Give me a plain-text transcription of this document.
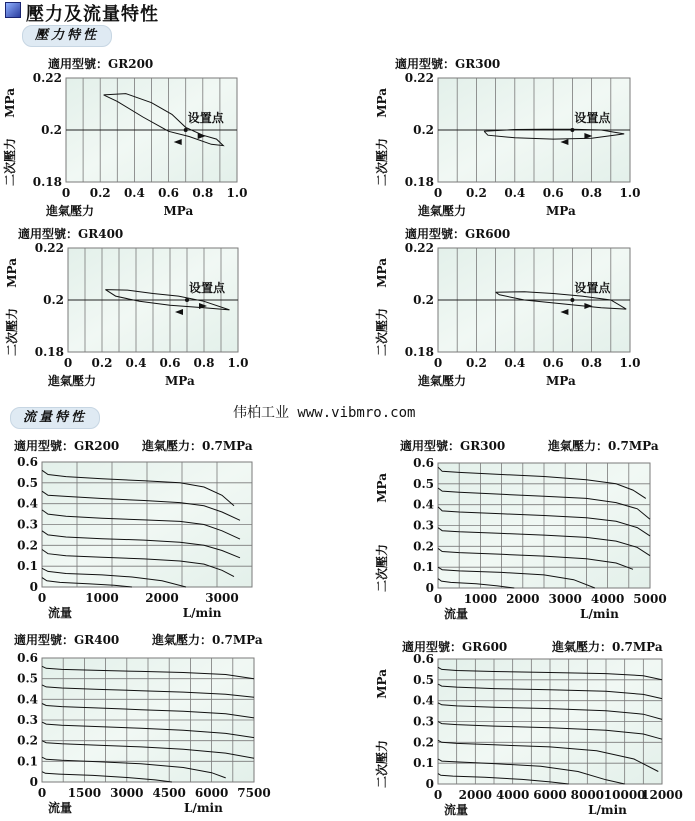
壓力及流量特性
壓力特性
流量特性	伟柏工业 www.vibmro.com
0.18
0.2
0.22
0 0.2 0.4 0.6 0.8 1.0
適用型號：GR200
MPa
二次壓力
進氣壓力	MPa
设置点
0.18
0.2
0.22
0 0.2 0.4 0.6 0.8 1.0
適用型號：GR300
MPa
二次壓力
進氣壓力	MPa
设置点
0.18
0.2
0.22
0 0.2 0.4 0.6 0.8 1.0
適用型號：GR400
MPa
二次壓力
進氣壓力	MPa
设置点
0.18
0.2
0.22
0 0.2 0.4 0.6 0.8 1.0
適用型號：GR600
MPa
二次壓力
進氣壓力	MPa
设置点
0
0.1
0.2
0.3
0.4
0.5
0.6
0	1000 2000 3000
適用型號：GR200 進氣壓力：0.7MPa
流量	L/min
0
0.1
0.2
0.3
0.4
0.5
0.6
0 1000 2000 3000 4000 5000
適用型號：GR300	進氣壓力：0.7MPa
MPa
二次壓力
流量	L/min
0
0.1
0.2
0.3
0.4
0.5
0.6
0 1500 3000 4500 6000 7500
適用型號：GR400	進氣壓力：0.7MPa
流量	L/min
0
0.1
0.2
0.3
0.4
0.5
0.6
0 2000 4000 6000 8000 10000
12000
適用型號：GR600	進氣壓力：0.7MPa
MPa
二次壓力
流量	L/min
